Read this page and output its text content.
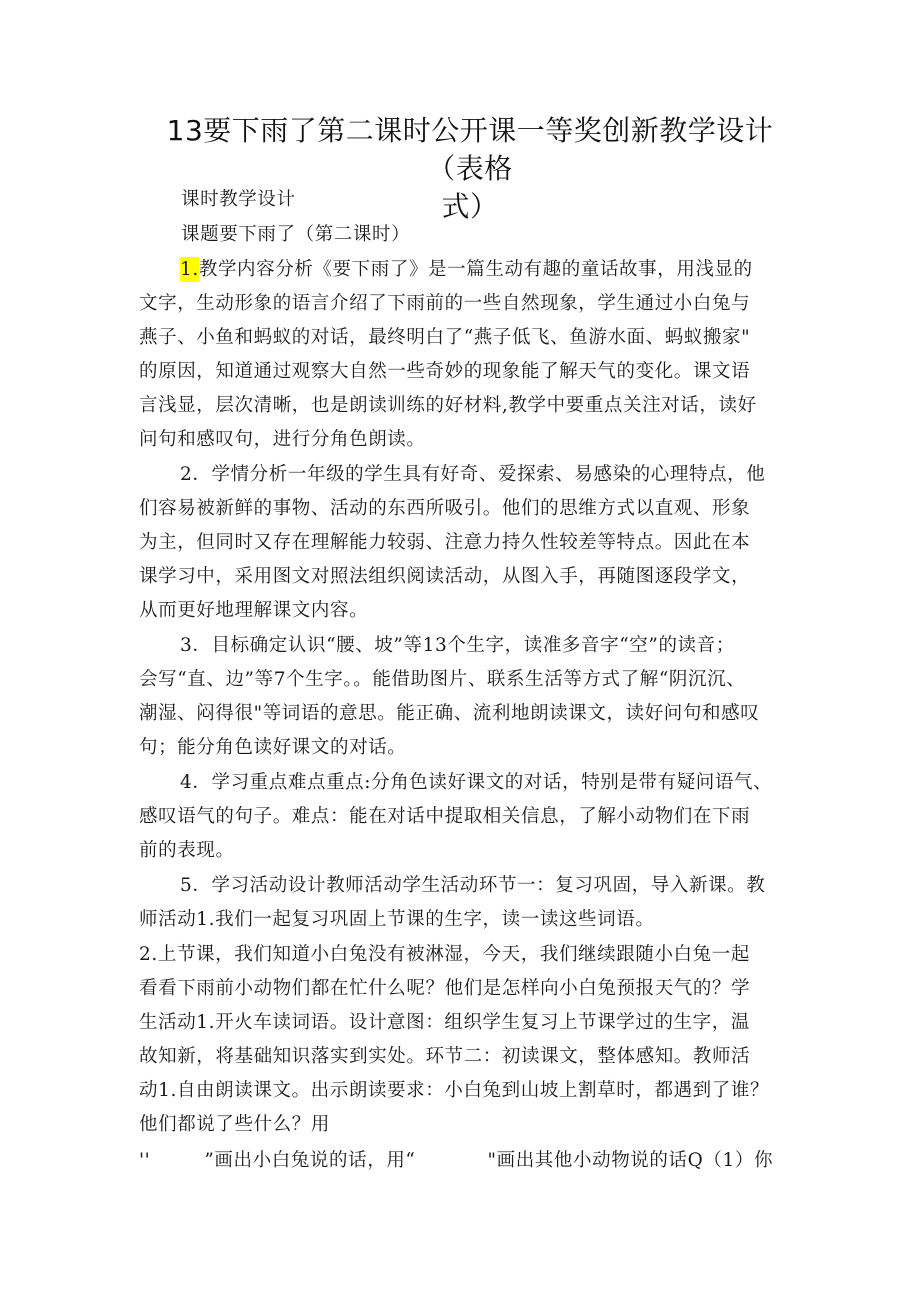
13要下雨了第二课时公开课一等奖创新教学设计（表格
式）
课时教学设计
课题要下雨了（第二课时）
1.教学内容分析《要下雨了》是一篇生动有趣的童话故事，用浅显的
文字，生动形象的语言介绍了下雨前的一些自然现象，学生通过小白兔与
燕子、小鱼和蚂蚁的对话，最终明白了“燕子低飞、鱼游水面、蚂蚁搬家"
的原因，知道通过观察大自然一些奇妙的现象能了解天气的变化。课文语
言浅显，层次清晰，也是朗读训练的好材料,教学中要重点关注对话，读好
问句和感叹句，进行分角色朗读。
2．学情分析一年级的学生具有好奇、爱探索、易感染的心理特点，他
们容易被新鲜的事物、活动的东西所吸引。他们的思维方式以直观、形象
为主，但同时又存在理解能力较弱、注意力持久性较差等特点。因此在本
课学习中，采用图文对照法组织阅读活动，从图入手，再随图逐段学文，
从而更好地理解课文内容。
3．目标确定认识“腰、坡”等13个生字，读准多音字“空”的读音；
会写“直、边”等7个生字。。能借助图片、联系生活等方式了解“阴沉沉、
潮湿、闷得很"等词语的意思。能正确、流利地朗读课文，读好问句和感叹
句；能分角色读好课文的对话。
4．学习重点难点重点:分角色读好课文的对话，特别是带有疑问语气、
感叹语气的句子。难点：能在对话中提取相关信息，了解小动物们在下雨
前的表现。
5．学习活动设计教师活动学生活动环节一：复习巩固，导入新课。教
师活动1.我们一起复习巩固上节课的生字，读一读这些词语。
2.上节课，我们知道小白兔没有被淋湿，今天，我们继续跟随小白兔一起
看看下雨前小动物们都在忙什么呢？他们是怎样向小白兔预报天气的？学
生活动1.开火车读词语。设计意图：组织学生复习上节课学过的生字，温
故知新，将基础知识落实到实处。环节二：初读课文，整体感知。教师活
动1.自由朗读课文。出示朗读要求：小白兔到山坡上割草时，都遇到了谁？
他们都说了些什么？用
''	”画出小白兔说的话，用“	"画出其他小动物说的话Q（1）你
